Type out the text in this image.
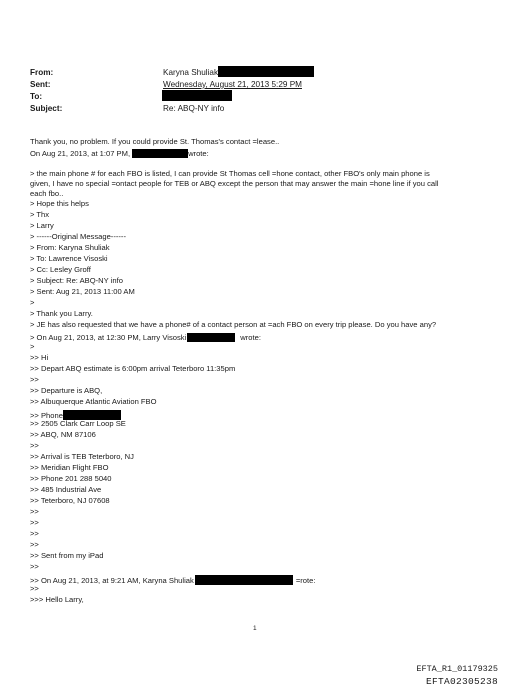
From:	Karyna Shuliak
Sent:	Wednesday, August 21, 2013 5:29 PM
To:
Subject:	Re: ABQ-NY info
Thank you, no problem. If you could provide St. Thomas's contact =lease..
On Aug 21, 2013, at 1:07 PM,	wrote:
> the main phone # for each FBO is listed, I can provide St Thomas cell =hone contact, other FBO's only main phone is
given, I have no special =ontact people for TEB or ABQ except the person that may answer the main =hone line if you call
each fbo..
> Hope this helps
> Thx
> Larry
> ------Original Message------
> From: Karyna Shuliak
> To: Lawrence Visoski
> Cc: Lesley Groff
> Subject: Re: ABQ-NY info
> Sent: Aug 21, 2013 11:00 AM
>
> Thank you Larry.
> JE has also requested that we have a phone# of a contact person at =ach FBO on every trip please. Do you have any?
> On Aug 21, 2013, at 12:30 PM, Larry Visoski	wrote:
>
>> Hi
>> Depart ABQ estimate is 6:00pm arrival Teterboro 11:35pm
>>
>> Departure is ABQ,
>> Albuquerque Atlantic Aviation FBO
>> Phone
>> 2505 Clark Carr Loop SE
>> ABQ, NM 87106
>>
>> Arrival is TEB Teterboro, NJ
>> Meridian Flight FBO
>> Phone 201 288 5040
>> 485 Industrial Ave
>> Teterboro, NJ 07608
>>
>>
>>
>>
>> Sent from my iPad
>>
>> On Aug 21, 2013, at 9:21 AM, Karyna Shuliak	=rote:
>>
>>> Hello Larry,
1
EFTA_R1_01179325
EFTA02305238
